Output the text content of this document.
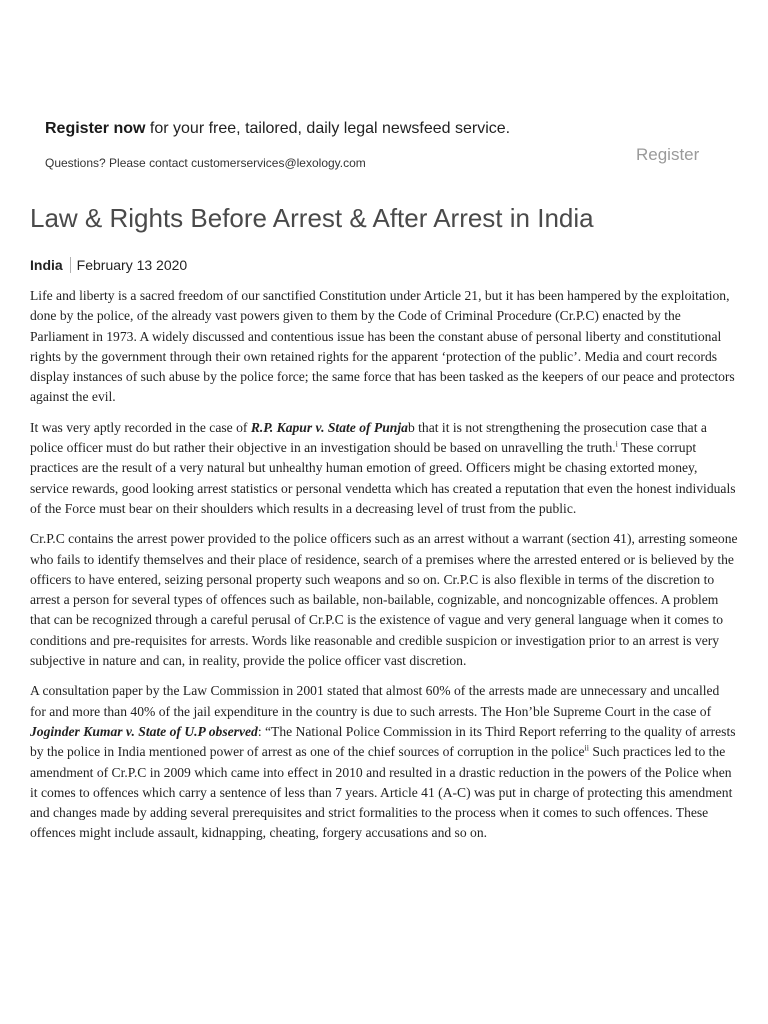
Register now for your free, tailored, daily legal newsfeed service.
Questions? Please contact customerservices@lexology.com	Register
Law & Rights Before Arrest & After Arrest in India
India	February 13 2020

Life and liberty is a sacred freedom of our sanctified Constitution under Article 21, but it has been hampered by the exploitation, done by the police, of the already vast powers given to them by the Code of Criminal Procedure (Cr.P.C) enacted by the Parliament in 1973. A widely discussed and contentious issue has been the constant abuse of personal liberty and constitutional rights by the government through their own retained rights for the apparent ‘protection of the public’. Media and court records display instances of such abuse by the police force; the same force that has been tasked as the keepers of our peace and protectors against the evil.

It was very aptly recorded in the case of R.P. Kapur v. State of Punjab that it is not strengthening the prosecution case that a police officer must do but rather their objective in an investigation should be based on unravelling the truth.$^i$ These corrupt practices are the result of a very natural but unhealthy human emotion of greed. Officers might be chasing extorted money, service rewards, good looking arrest statistics or personal vendetta which has created a reputation that even the honest individuals of the Force must bear on their shoulders which results in a decreasing level of trust from the public.

Cr.P.C contains the arrest power provided to the police officers such as an arrest without a warrant (section 41), arresting someone who fails to identify themselves and their place of residence, search of a premises where the arrested entered or is believed by the officers to have entered, seizing personal property such weapons and so on. Cr.P.C is also flexible in terms of the discretion to arrest a person for several types of offences such as bailable, non-bailable, cognizable, and noncognizable offences. A problem that can be recognized through a careful perusal of Cr.P.C is the existence of vague and very general language when it comes to conditions and pre-requisites for arrests. Words like reasonable and credible suspicion or investigation prior to an arrest is very subjective in nature and can, in reality, provide the police officer vast discretion.

A consultation paper by the Law Commission in 2001 stated that almost 60% of the arrests made are unnecessary and uncalled for and more than 40% of the jail expenditure in the country is due to such arrests. The Hon’ble Supreme Court in the case of Joginder Kumar v. State of U.P observed: “The National Police Commission in its Third Report referring to the quality of arrests by the police in India mentioned power of arrest as one of the chief sources of corruption in the police$^{ii}$ Such practices led to the amendment of Cr.P.C in 2009 which came into effect in 2010 and resulted in a drastic reduction in the powers of the Police when it comes to offences which carry a sentence of less than 7 years. Article 41 (A-C) was put in charge of protecting this amendment and changes made by adding several prerequisites and strict formalities to the process when it comes to such offences. These offences might include assault, kidnapping, cheating, forgery accusations and so on.
